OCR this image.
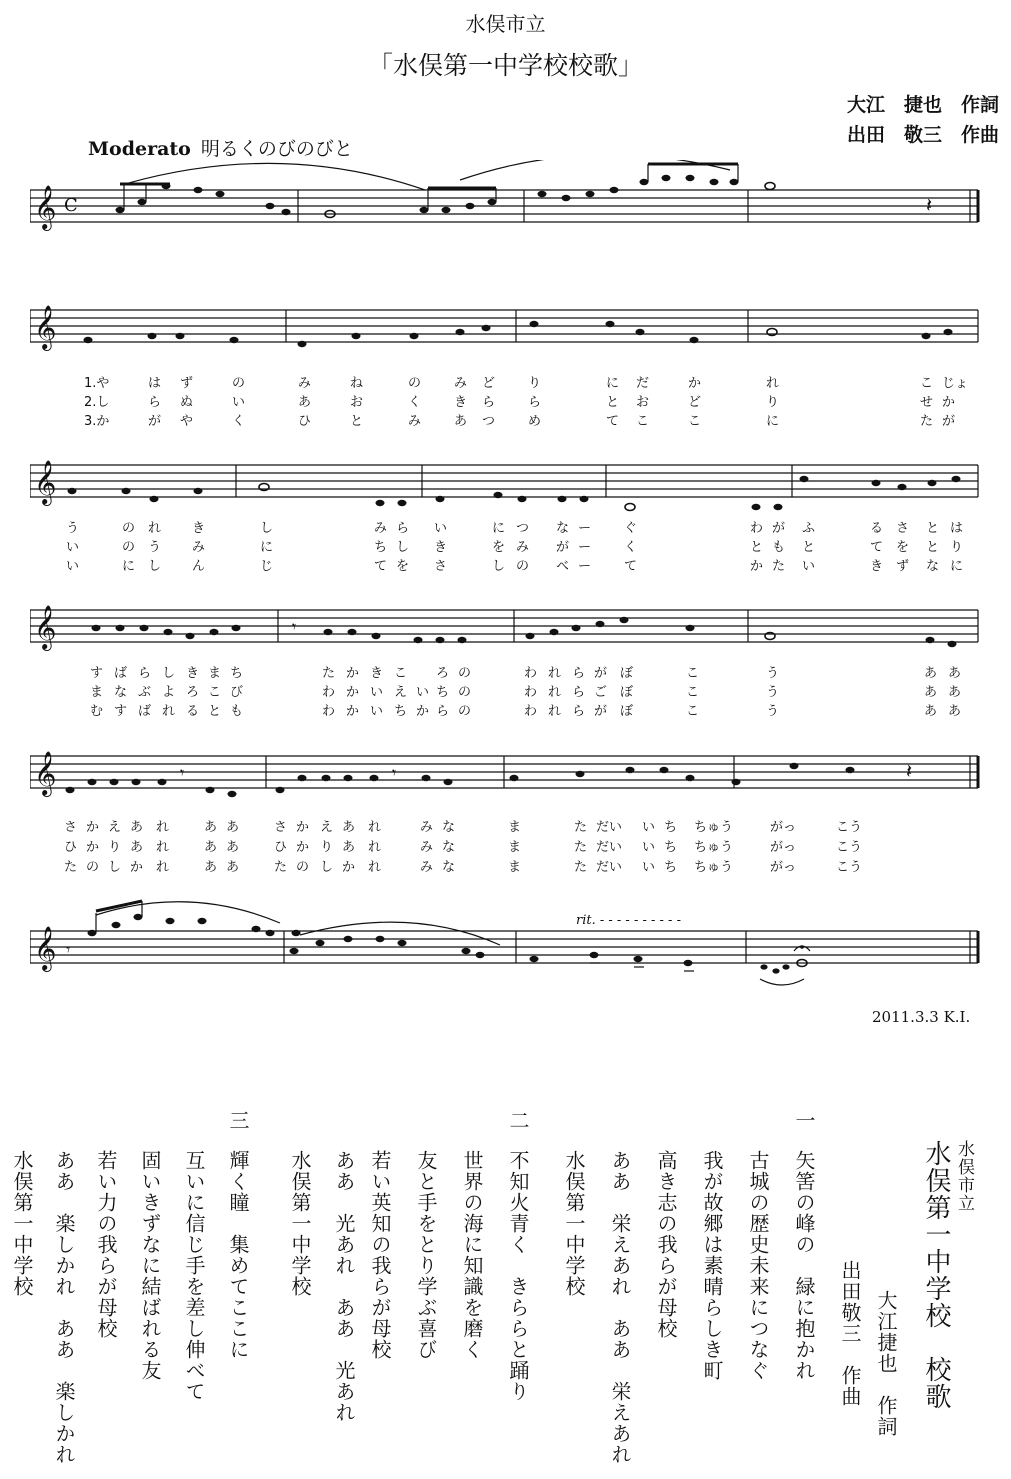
水俣市立
「水俣第一中学校校歌」
大江　捷也　作詞
出田　敬三　作曲
Moderato 明るくのびのびと
𝄞 C	𝄽
𝄞
1.や	は ず	の	み	ね	の	み ど	り	に だ	か	れ	こ じょ
2.し	ら ぬ	い	あ	お	く	き ら	ら	と お	ど	り	せ か
3.か	が や	く	ひ	と	み	あ つ	め	て こ	こ	に	た が
𝄞
う	の れ き	し	み ら い	に つ な ー	ぐ	わ が ふ	る さ と は
い	の う み	に	ち し き	を み が ー	く	と も と	て を と り
い	に し ん	じ	て を さ	し の ベ ー	て	か た い	き ず な に
𝄞	𝄾
す ば ら し き ま ち	た か き こ ろ の	わ れ ら が ぼ	こ	う	あ あ
ま な ぶ よ ろ こ び	わ か い え い ち の	わ れ ら ご ぼ	こ	う	あ あ
む す ば れ る と も	わ か い ち か ら の	わ れ ら が ぼ	こ	う	あ あ
𝄞	𝄾	𝄾	𝄽
さ か え あ れ	あ あ	さ か え あ れ	み な	ま	た だい い ち ちゅう	がっ	こう
ひ か り あ れ	あ あ	ひ か り あ れ	み な	ま	た だい い ち ちゅう	がっ	こう
た の し か れ	あ あ	た の し か れ	み な	ま	た だい い ち ちゅう	がっ	こう
𝄞 𝄾
rit. - - - - - - - - - -
2011.3.3 K.I.
水俣市立
水俣第一中学校　校歌
大江捷也　作詞
出田敬三　作曲
一
矢筈の峰の　緑に抱かれ
古城の歴史未来につなぐ
我が故郷は素晴らしき町
高き志の我らが母校
ああ　栄えあれ　ああ　栄えあれ
水俣第一中学校
二
不知火青く　きららと踊り
世界の海に知識を磨く
友と手をとり学ぶ喜び
若い英知の我らが母校
ああ　光あれ　ああ　光あれ
水俣第一中学校
三
輝く瞳　集めてここに
互いに信じ手を差し伸べて
固いきずなに結ばれる友
若い力の我らが母校
ああ　楽しかれ　ああ　楽しかれ
水俣第一中学校
